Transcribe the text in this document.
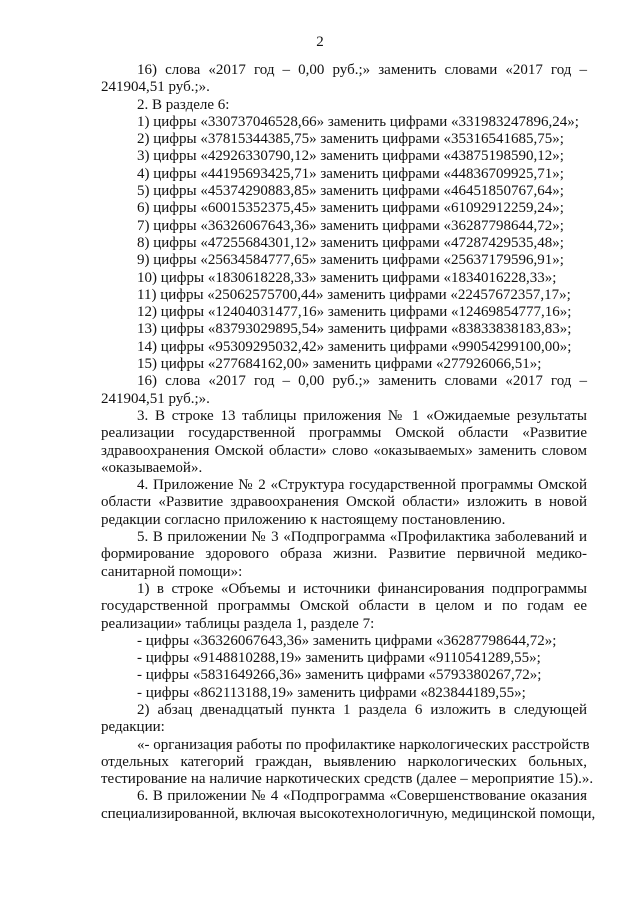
2

16) слова «2017 год – 0,00 руб.;» заменить словами «2017 год –

241904,51 руб.;».

2. В разделе 6:

1) цифры «330737046528,66» заменить цифрами «331983247896,24»;

2) цифры «37815344385,75» заменить цифрами «35316541685,75»;

3) цифры «42926330790,12» заменить цифрами «43875198590,12»;

4) цифры «44195693425,71» заменить цифрами «44836709925,71»;

5) цифры «45374290883,85» заменить цифрами «46451850767,64»;

6) цифры «60015352375,45» заменить цифрами «61092912259,24»;

7) цифры «36326067643,36» заменить цифрами «36287798644,72»;

8) цифры «47255684301,12» заменить цифрами «47287429535,48»;

9) цифры «25634584777,65» заменить цифрами «25637179596,91»;

10) цифры «1830618228,33» заменить цифрами «1834016228,33»;

11) цифры «25062575700,44» заменить цифрами «22457672357,17»;

12) цифры «12404031477,16» заменить цифрами «12469854777,16»;

13) цифры «83793029895,54» заменить цифрами «83833838183,83»;

14) цифры «95309295032,42» заменить цифрами «99054299100,00»;

15) цифры «277684162,00» заменить цифрами «277926066,51»;

16) слова «2017 год – 0,00 руб.;» заменить словами «2017 год –

241904,51 руб.;».

3. В строке 13 таблицы приложения № 1 «Ожидаемые результаты

реализации государственной программы Омской области «Развитие

здравоохранения Омской области» слово «оказываемых» заменить словом

«оказываемой».

4. Приложение № 2 «Структура государственной программы Омской

области «Развитие здравоохранения Омской области» изложить в новой

редакции согласно приложению к настоящему постановлению.

5. В приложении № 3 «Подпрограмма «Профилактика заболеваний и

формирование здорового образа жизни. Развитие первичной медико-

санитарной помощи»:

1) в строке «Объемы и источники финансирования подпрограммы

государственной программы Омской области в целом и по годам ее

реализации» таблицы раздела 1, разделе 7:

- цифры «36326067643,36» заменить цифрами «36287798644,72»;

- цифры «9148810288,19» заменить цифрами «9110541289,55»;

- цифры «5831649266,36» заменить цифрами «5793380267,72»;

- цифры «862113188,19» заменить цифрами «823844189,55»;

2) абзац двенадцатый пункта 1 раздела 6 изложить в следующей

редакции:

«- организация работы по профилактике наркологических расстройств

отдельных категорий граждан, выявлению наркологических больных,

тестирование на наличие наркотических средств (далее – мероприятие 15).».

6. В приложении № 4 «Подпрограмма «Совершенствование оказания

специализированной, включая высокотехнологичную, медицинской помощи,
